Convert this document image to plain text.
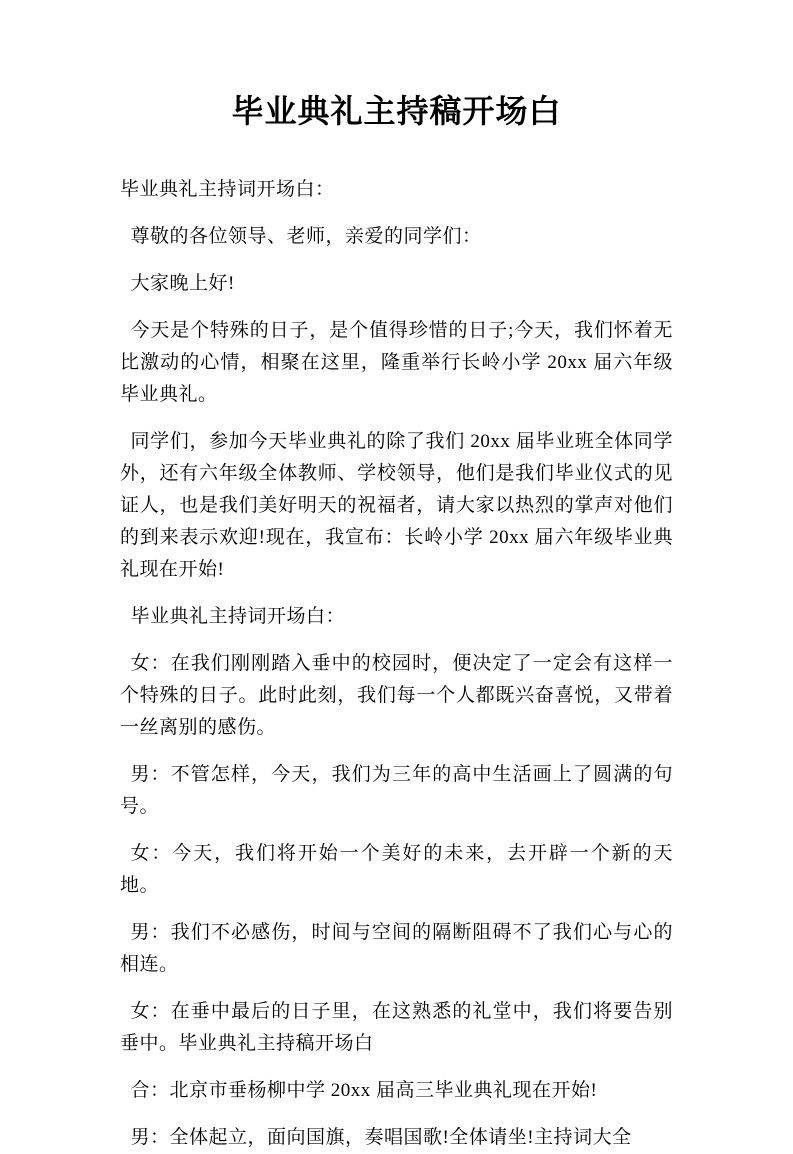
毕业典礼主持稿开场白

毕业典礼主持词开场白：

尊敬的各位领导、老师，亲爱的同学们：

大家晚上好!

今天是个特殊的日子，是个值得珍惜的日子;今天，我们怀着无比激动的心情，相聚在这里，隆重举行长岭小学 20xx 届六年级毕业典礼。

同学们，参加今天毕业典礼的除了我们 20xx 届毕业班全体同学外，还有六年级全体教师、学校领导，他们是我们毕业仪式的见证人，也是我们美好明天的祝福者，请大家以热烈的掌声对他们的到来表示欢迎!现在，我宣布：长岭小学 20xx 届六年级毕业典礼现在开始!

毕业典礼主持词开场白：

女：在我们刚刚踏入垂中的校园时，便决定了一定会有这样一个特殊的日子。此时此刻，我们每一个人都既兴奋喜悦，又带着一丝离别的感伤。

男：不管怎样，今天，我们为三年的高中生活画上了圆满的句号。

女：今天，我们将开始一个美好的未来，去开辟一个新的天地。

男：我们不必感伤，时间与空间的隔断阻碍不了我们心与心的相连。

女：在垂中最后的日子里，在这熟悉的礼堂中，我们将要告别垂中。毕业典礼主持稿开场白

合：北京市垂杨柳中学 20xx 届高三毕业典礼现在开始!

男：全体起立，面向国旗，奏唱国歌!全体请坐!主持词大全
